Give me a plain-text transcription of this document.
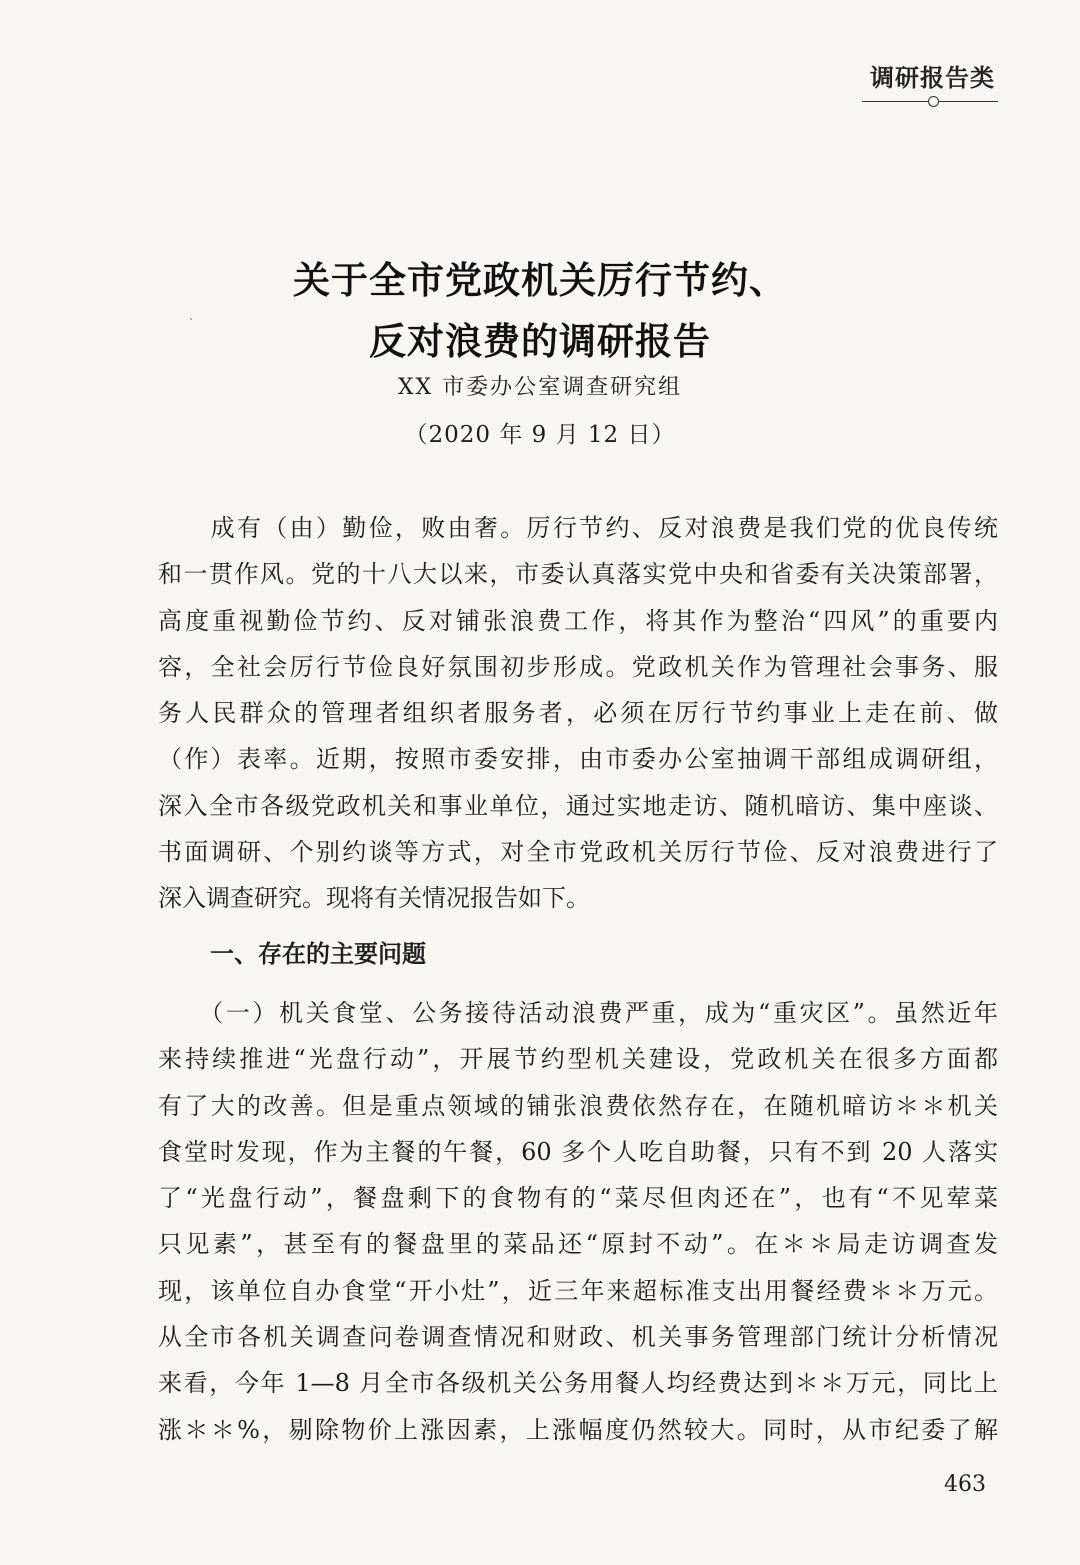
调研报告类
关于全市党政机关厉行节约、
反对浪费的调研报告
XX 市委办公室调查研究组
（2020 年 9 月 12 日）
　　成有（由）勤俭，败由奢。厉行节约、反对浪费是我们党的优良传统
和一贯作风。党的十八大以来，市委认真落实党中央和省委有关决策部署，
高度重视勤俭节约、反对铺张浪费工作，将其作为整治“四风”的重要内
容，全社会厉行节俭良好氛围初步形成。党政机关作为管理社会事务、服
务人民群众的管理者组织者服务者，必须在厉行节约事业上走在前、做
（作）表率。近期，按照市委安排，由市委办公室抽调干部组成调研组，
深入全市各级党政机关和事业单位，通过实地走访、随机暗访、集中座谈、
书面调研、个别约谈等方式，对全市党政机关厉行节俭、反对浪费进行了
深入调查研究。现将有关情况报告如下。
一、存在的主要问题
　　（一）机关食堂、公务接待活动浪费严重，成为“重灾区”。虽然近年
来持续推进“光盘行动”，开展节约型机关建设，党政机关在很多方面都
有了大的改善。但是重点领域的铺张浪费依然存在，在随机暗访＊＊机关
食堂时发现，作为主餐的午餐，60 多个人吃自助餐，只有不到 20 人落实
了“光盘行动”，餐盘剩下的食物有的“菜尽但肉还在”，也有“不见荤菜
只见素”，甚至有的餐盘里的菜品还“原封不动”。在＊＊局走访调查发
现，该单位自办食堂“开小灶”，近三年来超标准支出用餐经费＊＊万元。
从全市各机关调查问卷调查情况和财政、机关事务管理部门统计分析情况
来看，今年 1—8 月全市各级机关公务用餐人均经费达到＊＊万元，同比上
涨＊＊%，剔除物价上涨因素，上涨幅度仍然较大。同时，从市纪委了解
463
